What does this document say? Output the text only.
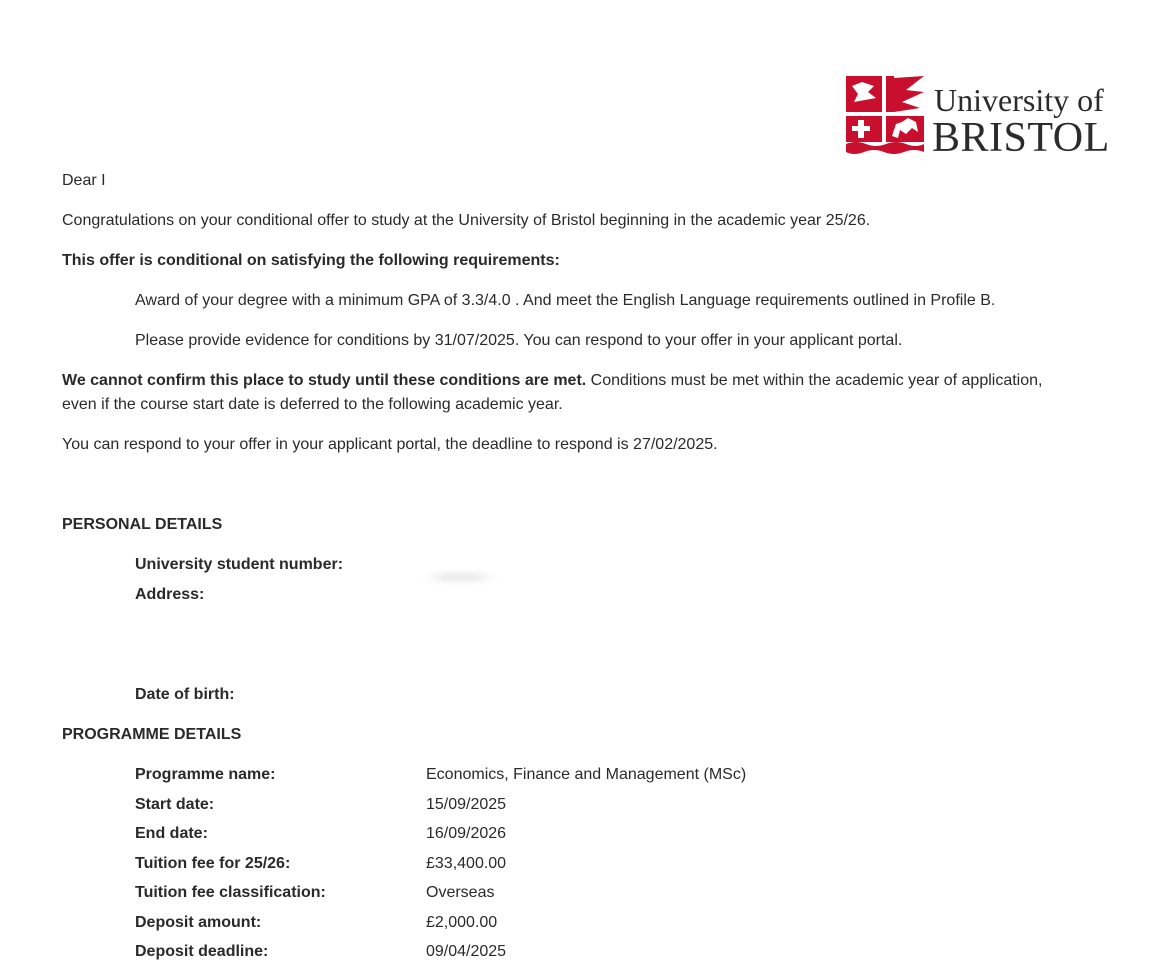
University of
BRISTOL
Dear I
Congratulations on your conditional offer to study at the University of Bristol beginning in the academic year 25/26.
This offer is conditional on satisfying the following requirements:
Award of your degree with a minimum GPA of 3.3/4.0 . And meet the English Language requirements outlined in Profile B.
Please provide evidence for conditions by 31/07/2025. You can respond to your offer in your applicant portal.
We cannot confirm this place to study until these conditions are met. Conditions must be met within the academic year of application,
even if the course start date is deferred to the following academic year.
You can respond to your offer in your applicant portal, the deadline to respond is 27/02/2025.
PERSONAL DETAILS
University student number:
Address:
Date of birth:
PROGRAMME DETAILS
Programme name:	Economics, Finance and Management (MSc)
Start date:	15/09/2025
End date:	16/09/2026
Tuition fee for 25/26:	£33,400.00
Tuition fee classification:	Overseas
Deposit amount:	£2,000.00
Deposit deadline:	09/04/2025
